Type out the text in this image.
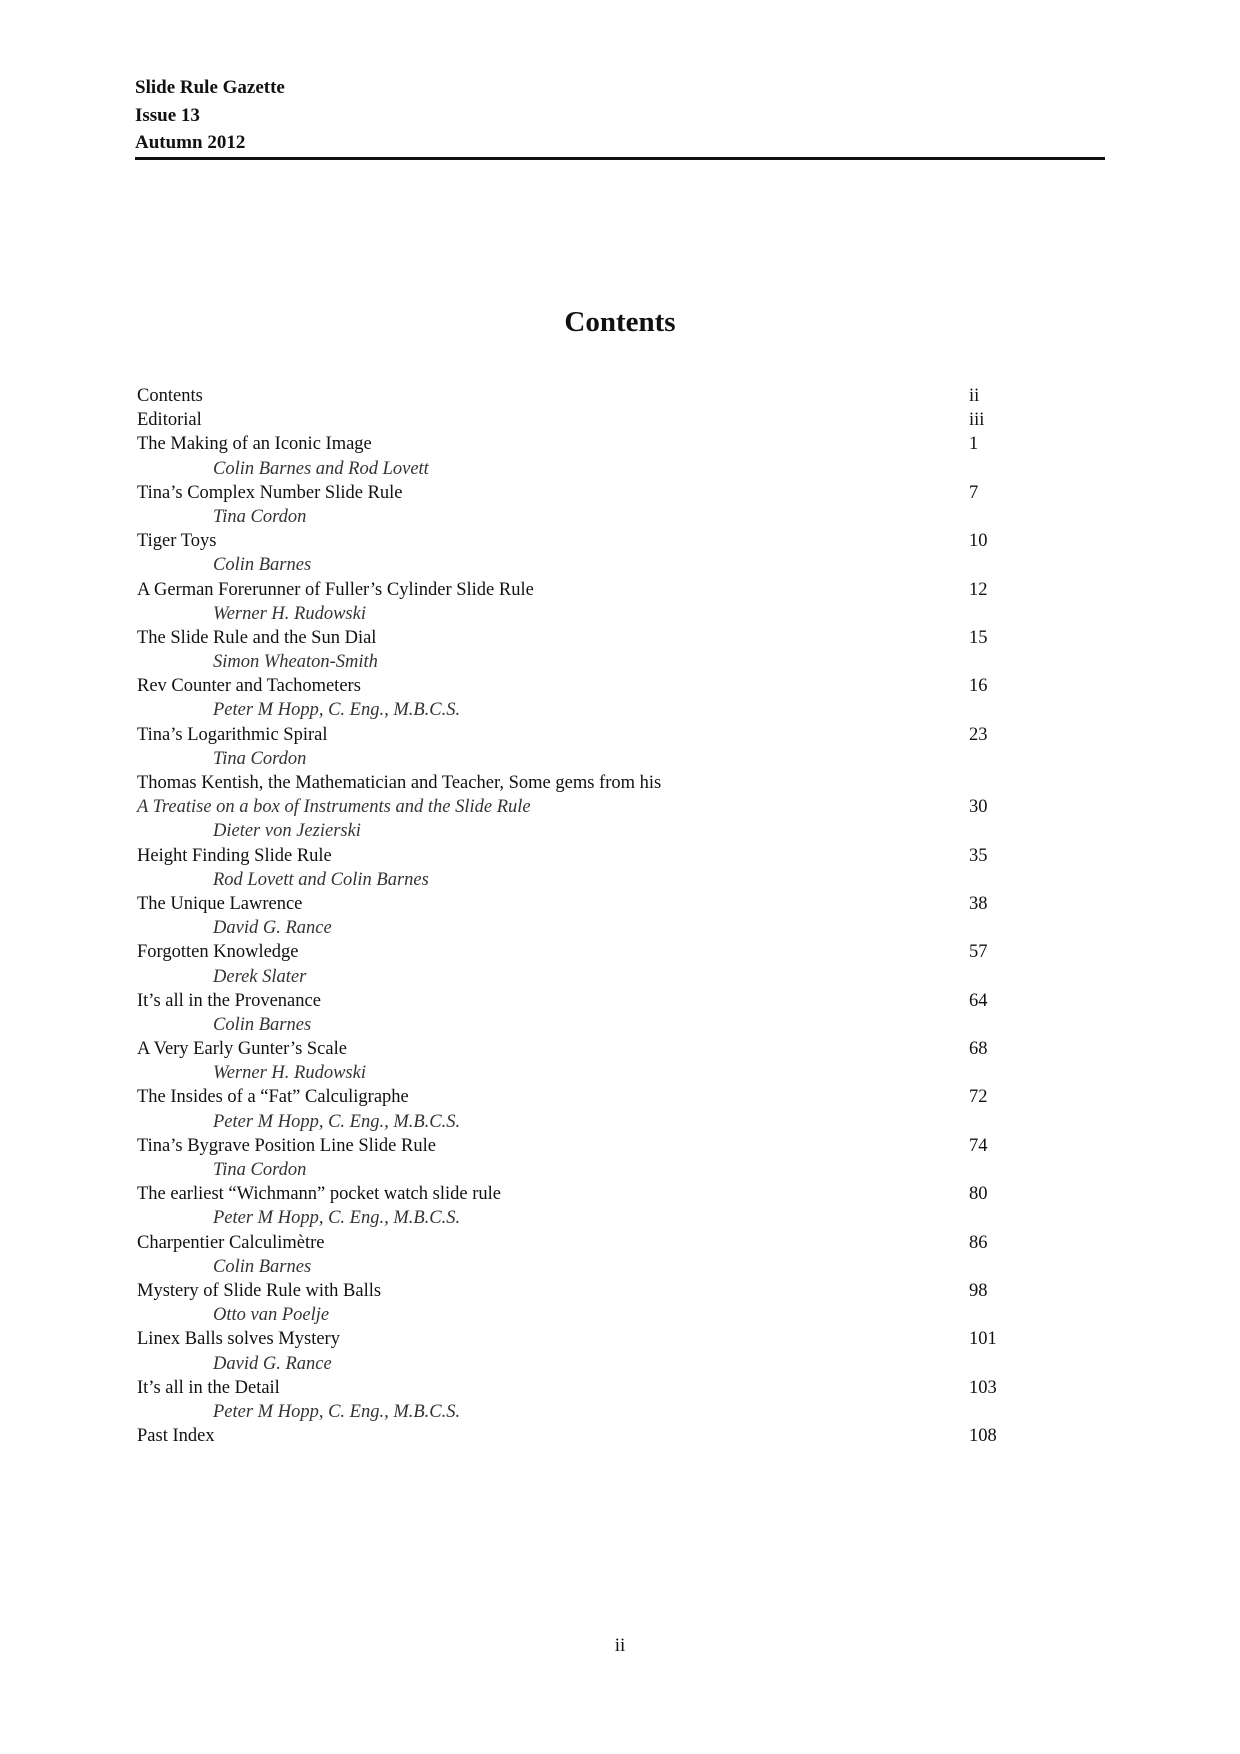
Slide Rule Gazette
Issue 13
Autumn 2012
Contents
Contents	ii
Editorial	iii
The Making of an Iconic Image	1
Colin Barnes and Rod Lovett
Tina’s Complex Number Slide Rule	7
Tina Cordon
Tiger Toys	10
Colin Barnes
A German Forerunner of Fuller’s Cylinder Slide Rule	12
Werner H. Rudowski
The Slide Rule and the Sun Dial	15
Simon Wheaton-Smith
Rev Counter and Tachometers	16
Peter M Hopp, C. Eng., M.B.C.S.
Tina’s Logarithmic Spiral	23
Tina Cordon
Thomas Kentish, the Mathematician and Teacher, Some gems from his
A Treatise on a box of Instruments and the Slide Rule	30
Dieter von Jezierski
Height Finding Slide Rule	35
Rod Lovett and Colin Barnes
The Unique Lawrence	38
David G. Rance
Forgotten Knowledge	57
Derek Slater
It’s all in the Provenance	64
Colin Barnes
A Very Early Gunter’s Scale	68
Werner H. Rudowski
The Insides of a “Fat” Calculigraphe	72
Peter M Hopp, C. Eng., M.B.C.S.
Tina’s Bygrave Position Line Slide Rule	74
Tina Cordon
The earliest “Wichmann” pocket watch slide rule	80
Peter M Hopp, C. Eng., M.B.C.S.
Charpentier Calculimètre	86
Colin Barnes
Mystery of Slide Rule with Balls	98
Otto van Poelje
Linex Balls solves Mystery	101
David G. Rance
It’s all in the Detail	103
Peter M Hopp, C. Eng., M.B.C.S.
Past Index	108
ii
